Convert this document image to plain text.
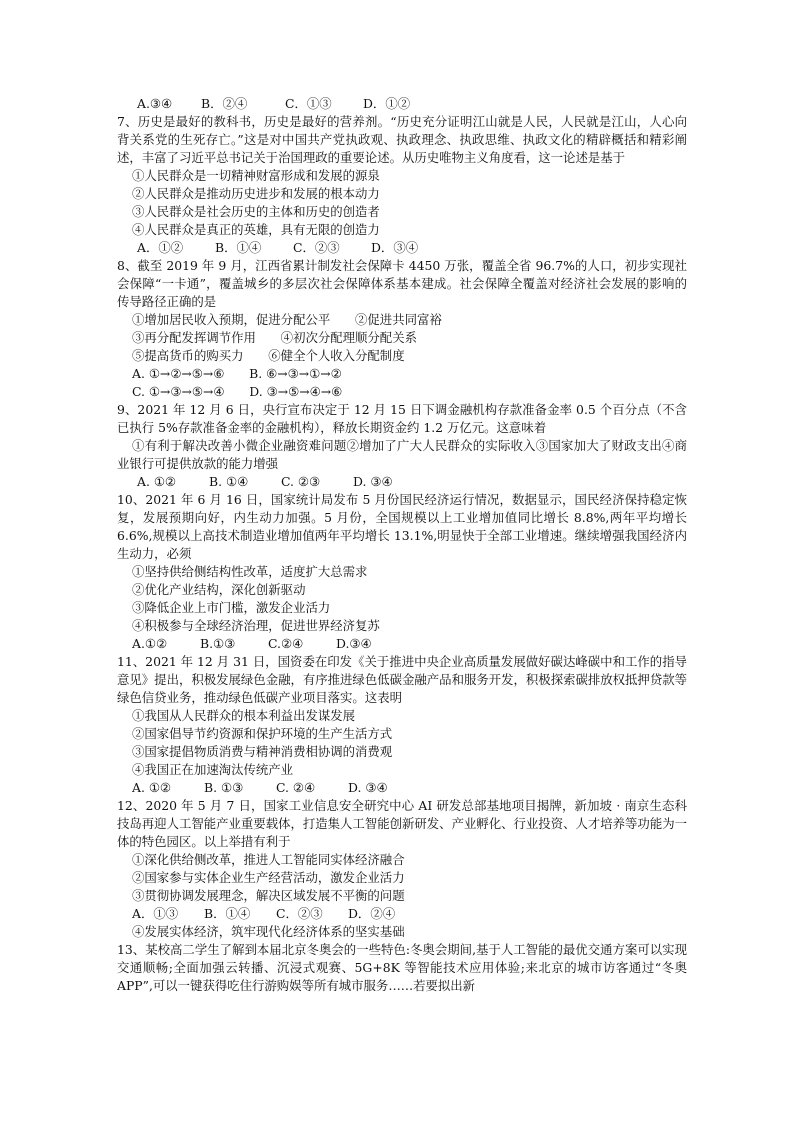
A.③④ B．②④	C．①③	D．①②
7、历史是最好的教科书，历史是最好的营养剂。“历史充分证明江山就是人民，人民就是江山，人心向背关系党的生死存亡。”这是对中国共产党执政观、执政理念、执政思维、执政文化的精辟概括和精彩阐述，丰富了习近平总书记关于治国理政的重要论述。从历史唯物主义角度看，这一论述是基于
①人民群众是一切精神财富形成和发展的源泉
②人民群众是推动历史进步和发展的根本动力
③人民群众是社会历史的主体和历史的创造者
④人民群众是真正的英雄，具有无限的创造力
A．①②	B．①④	C．②③	D．③④
8、截至 2019 年 9 月，江西省累计制发社会保障卡 4450 万张，覆盖全省 96.7%的人口，初步实现社会保障“一卡通”，覆盖城乡的多层次社会保障体系基本建成。社会保障全覆盖对经济社会发展的影响的传导路径正确的是
①增加居民收入预期，促进分配公平　　②促进共同富裕
③再分配发挥调节作用　　④初次分配理顺分配关系
⑤提高货币的购买力　　⑥健全个人收入分配制度
A. ①→②→⑤→⑥　　B. ⑥→③→①→②
C. ①→③→⑤→④　　D. ③→⑤→④→⑥
9、2021 年 12 月 6 日，央行宣布决定于 12 月 15 日下调金融机构存款准备金率 0.5 个百分点（不含已执行 5%存款准备金率的金融机构），释放长期资金约 1.2 万亿元。这意味着
①有利于解决改善小微企业融资难问题②增加了广大人民群众的实际收入③国家加大了财政支出④商业银行可提供放款的能力增强
A. ①②	B. ①④	C. ②③	D. ③④
10、2021 年 6 月 16 日，国家统计局发布 5 月份国民经济运行情况，数据显示，国民经济保持稳定恢复，发展预期向好，内生动力加强。5 月份，全国规模以上工业增加值同比增长 8.8%,两年平均增长 6.6%,规模以上高技术制造业增加值两年平均增长 13.1%,明显快于全部工业增速。继续增强我国经济内生动力，必须
①坚持供给侧结构性改革，适度扩大总需求
②优化产业结构，深化创新驱动
③降低企业上市门槛，激发企业活力
④积极参与全球经济治理，促进世界经济复苏
A.①②	B.①③	C.②④	D.③④
11、2021 年 12 月 31 日，国资委在印发《关于推进中央企业高质量发展做好碳达峰碳中和工作的指导意见》提出，积极发展绿色金融，有序推进绿色低碳金融产品和服务开发，积极探索碳排放权抵押贷款等绿色信贷业务，推动绿色低碳产业项目落实。这表明
①我国从人民群众的根本利益出发谋发展
②国家倡导节约资源和保护环境的生产生活方式
③国家提倡物质消费与精神消费相协调的消费观
④我国正在加速淘汰传统产业
A. ①②	B. ①③	C. ②④	D. ③④
12、2020 年 5 月 7 日，国家工业信息安全研究中心 AI 研发总部基地项目揭牌，新加坡 · 南京生态科技岛再迎人工智能产业重要载体，打造集人工智能创新研发、产业孵化、行业投资、人才培养等功能为一体的特色园区。以上举措有利于
①深化供给侧改革，推进人工智能同实体经济融合
②国家参与实体企业生产经营活动，激发企业活力
③贯彻协调发展理念，解决区域发展不平衡的问题
A．①③ B．①④ C．②③ D．②④
④发展实体经济，筑牢现代化经济体系的坚实基础
13、某校高二学生了解到本届北京冬奥会的一些特色:冬奥会期间,基于人工智能的最优交通方案可以实现交通顺畅;全面加强云转播、沉浸式观赛、5G+8K 等智能技术应用体验;来北京的城市访客通过“冬奥 APP”,可以一键获得吃住行游购娱等所有城市服务……若要拟出新
